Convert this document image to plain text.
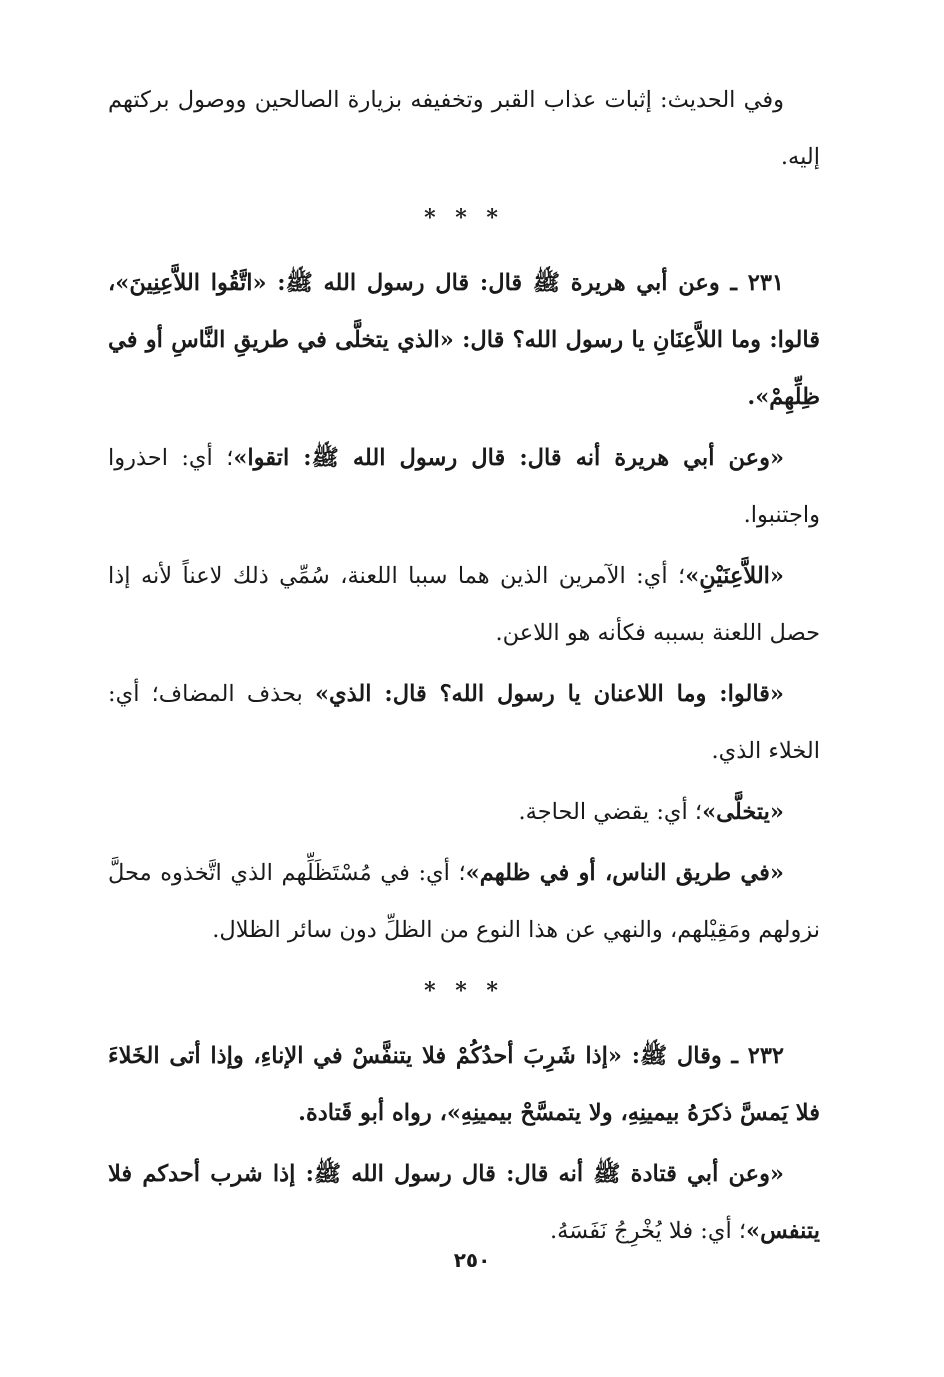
وفي الحديث: إثبات عذاب القبر وتخفيفه بزيارة الصالحين ووصول بركتهم إليه.

* * *

٢٣١ ـ وعن أبي هريرة ﷺ قال: قال رسول الله ﷺ: «اتَّقُوا اللاَّعِنِينَ»، قالوا: وما اللاَّعِنَانِ يا رسول الله؟ قال: «الذي يتخلَّى في طريقِ النَّاسِ أو في ظِلِّهِمْ».

«وعن أبي هريرة أنه قال: قال رسول الله ﷺ: اتقوا»؛ أي: احذروا واجتنبوا.

«اللاَّعِنَيْنِ»؛ أي: الآمرين الذين هما سببا اللعنة، سُمِّي ذلك لاعناً لأنه إذا حصل اللعنة بسببه فكأنه هو اللاعن.

«قالوا: وما اللاعنان يا رسول الله؟ قال: الذي» بحذف المضاف؛ أي: الخلاء الذي.

«يتخلَّى»؛ أي: يقضي الحاجة.

«في طريق الناس، أو في ظلهم»؛ أي: في مُسْتَظَلِّهم الذي اتَّخذوه محلَّ نزولهم ومَقِيْلهم، والنهي عن هذا النوع من الظلِّ دون سائر الظلال.

* * *

٢٣٢ ـ وقال ﷺ: «إذا شَرِبَ أحدُكُمْ فلا يتنفَّسْ في الإناءِ، وإذا أتى الخَلاءَ فلا يَمسَّ ذكرَهُ بيمينِهِ، ولا يتمسَّحْ بيمينِهِ»، رواه أبو قَتادة.

«وعن أبي قتادة ﷺ أنه قال: قال رسول الله ﷺ: إذا شرب أحدكم فلا يتنفس»؛ أي: فلا يُخْرِجُ نَفَسَهُ.

٢٥٠
